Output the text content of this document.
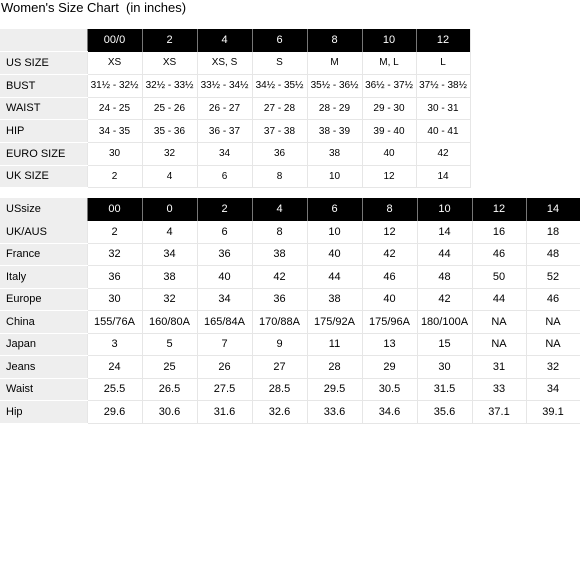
Women's Size Chart  (in inches)
	00/0	2	4	6	8	10	12
US SIZE	XS	XS	XS, S	S	M	M, L	L
BUST	31½ - 32½	32½ - 33½	33½ - 34½	34½ - 35½	35½ - 36½	36½ - 37½	37½ - 38½
WAIST	24 - 25	25 - 26	26 - 27	27 - 28	28 - 29	29 - 30	30 - 31
HIP	34 - 35	35 - 36	36 - 37	37 - 38	38 - 39	39 - 40	40 - 41
EURO SIZE	30	32	34	36	38	40	42
UK SIZE	2	4	6	8	10	12	14
USsize	00	0	2	4	6	8	10	12	14
UK/AUS	2	4	6	8	10	12	14	16	18
France	32	34	36	38	40	42	44	46	48
Italy	36	38	40	42	44	46	48	50	52
Europe	30	32	34	36	38	40	42	44	46
China	155/76A	160/80A	165/84A	170/88A	175/92A	175/96A	180/100A	NA	NA
Japan	3	5	7	9	11	13	15	NA	NA
Jeans	24	25	26	27	28	29	30	31	32
Waist	25.5	26.5	27.5	28.5	29.5	30.5	31.5	33	34
Hip	29.6	30.6	31.6	32.6	33.6	34.6	35.6	37.1	39.1
